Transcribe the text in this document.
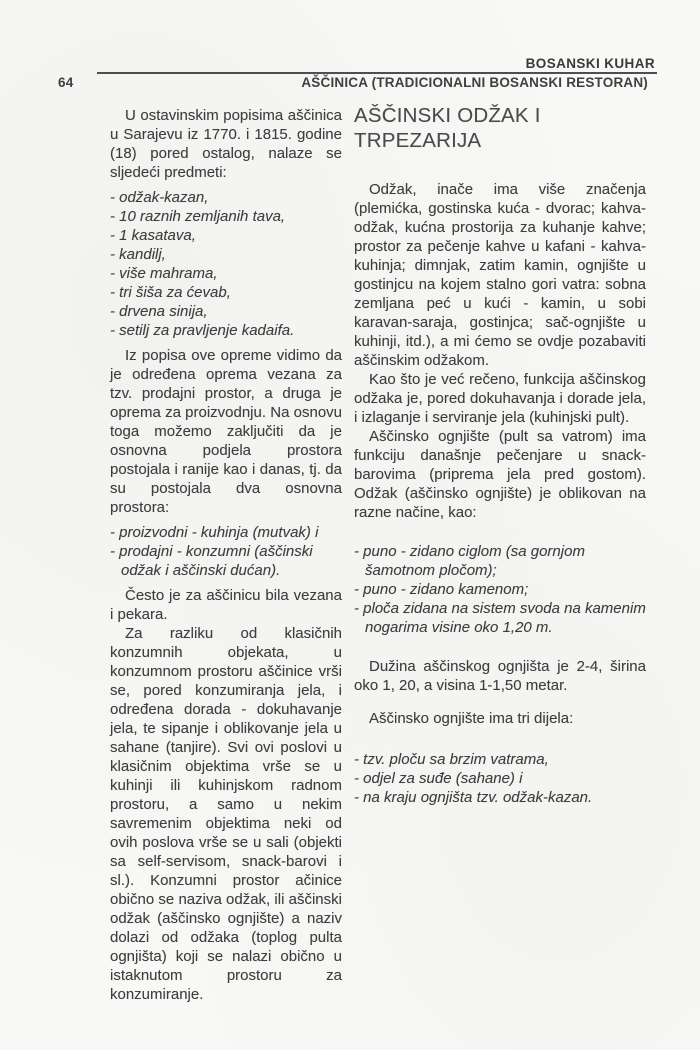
BOSANSKI KUHAR
64	AŠČINICA (TRADICIONALNI BOSANSKI RESTORAN)

U ostavinskim popisima aščinica u Sarajevu iz 1770. i 1815. godine (18) pored ostalog, nalaze se sljedeći predmeti:

- odžak-kazan,

- 10 raznih zemljanih tava,

- 1 kasatava,

- kandilj,

- više mahrama,

- tri šiša za ćevab,

- drvena sinija,

- setilj za pravljenje kadaifa.

Iz popisa ove opreme vidimo da je određena oprema vezana za tzv. prodajni prostor, a druga je oprema za proizvodnju. Na osnovu toga možemo zaključiti da je osnovna podjela prostora postojala i ranije kao i danas, tj. da su postojala dva osnovna prostora:

- proizvodni - kuhinja (mutvak) i

- prodajni - konzumni (aščinski odžak i aščinski dućan).

Često je za aščinicu bila vezana i pekara.

Za razliku od klasičnih konzumnih objekata, u konzumnom prostoru aščinice vrši se, pored konzumiranja jela, i određena dorada - dokuhavanje jela, te sipanje i oblikovanje jela u sahane (tanjire). Svi ovi poslovi u klasičnim objektima vrše se u kuhinji ili kuhinjskom radnom prostoru, a samo u nekim savremenim objektima neki od ovih poslova vrše se u sali (objekti sa self-servisom, snack-barovi i sl.). Konzumni prostor ačinice obično se naziva odžak, ili aščinski odžak (aščinsko ognjište) a naziv dolazi od odžaka (toplog pulta ognjišta) koji se nalazi obično u istaknutom prostoru za konzumiranje.

AŠČINSKI ODŽAK I TRPEZARIJA

Odžak, inače ima više značenja (plemićka, gostinska kuća - dvorac; kahva-odžak, kućna prostorija za kuhanje kahve; prostor za pečenje kahve u kafani - kahva-kuhinja; dimnjak, zatim kamin, ognjište u gostinjcu na kojem stalno gori vatra: sobna zemljana peć u kući - kamin, u sobi karavan-saraja, gostinjca; sač-ognjište u kuhinji, itd.), a mi ćemo se ovdje pozabaviti aščinskim odžakom.

Kao što je već rečeno, funkcija aščinskog odžaka je, pored dokuhavanja i dorade jela, i izlaganje i serviranje jela (kuhinjski pult).

Aščinsko ognjište (pult sa vatrom) ima funkciju današnje pečenjare u snack-barovima (priprema jela pred gostom). Odžak (aščinsko ognjište) je oblikovan na razne načine, kao:

- puno - zidano ciglom (sa gornjom šamotnom pločom);

- puno - zidano kamenom;

- ploča zidana na sistem svoda na kamenim nogarima visine oko 1,20 m.

Dužina aščinskog ognjišta je 2-4, širina oko 1, 20, a visina 1-1,50 metar.

Aščinsko ognjište ima tri dijela:

- tzv. ploču sa brzim vatrama,

- odjel za suđe (sahane) i

- na kraju ognjišta tzv. odžak-kazan.
